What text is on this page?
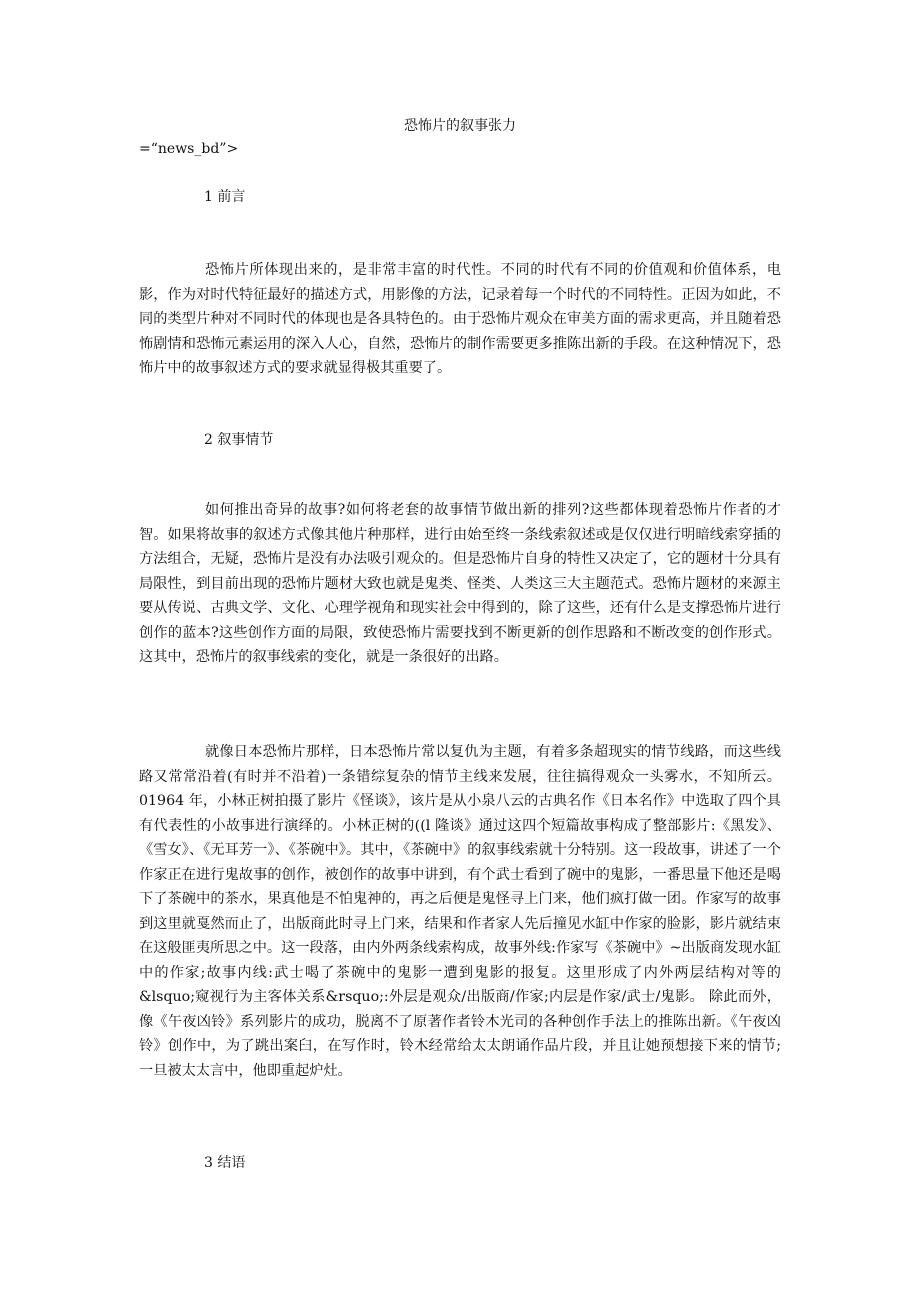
恐怖片的叙事张力
=“news_bd”>
1 前言

恐怖片所体现出来的，是非常丰富的时代性。不同的时代有不同的价值观和价值体系，电影，作为对时代特征最好的描述方式，用影像的方法，记录着每一个时代的不同特性。正因为如此，不同的类型片种对不同时代的体现也是各具特色的。由于恐怖片观众在审美方面的需求更高，并且随着恐怖剧情和恐怖元素运用的深入人心，自然，恐怖片的制作需要更多推陈出新的手段。在这种情况下，恐怖片中的故事叙述方式的要求就显得极其重要了。

2 叙事情节

如何推出奇异的故事?如何将老套的故事情节做出新的排列?这些都体现着恐怖片作者的才智。如果将故事的叙述方式像其他片种那样，进行由始至终一条线索叙述或是仅仅进行明暗线索穿插的方法组合，无疑，恐怖片是没有办法吸引观众的。但是恐怖片自身的特性又决定了，它的题材十分具有局限性，到目前出现的恐怖片题材大致也就是鬼类、怪类、人类这三大主题范式。恐怖片题材的来源主要从传说、古典文学、文化、心理学视角和现实社会中得到的，除了这些，还有什么是支撑恐怖片进行创作的蓝本?这些创作方面的局限，致使恐怖片需要找到不断更新的创作思路和不断改变的创作形式。这其中，恐怖片的叙事线索的变化，就是一条很好的出路。

就像日本恐怖片那样，日本恐怖片常以复仇为主题，有着多条超现实的情节线路，而这些线路又常常沿着(有时并不沿着)一条错综复杂的情节主线来发展，往往搞得观众一头雾水，不知所云。01964 年，小林正树拍摄了影片《怪谈》，该片是从小泉八云的古典名作《日本名作》中选取了四个具有代表性的小故事进行演绎的。小林正树的((l 隆谈》通过这四个短篇故事构成了整部影片:《黑发》、 《雪女》、《无耳芳一》、《茶碗中》。其中，《茶碗中》的叙事线索就十分特别。这一段故事，讲述了一个作家正在进行鬼故事的创作，被创作的故事中讲到，有个武士看到了碗中的鬼影，一番思量下他还是喝下了茶碗中的茶水，果真他是不怕鬼神的，再之后便是鬼怪寻上门来，他们疯打做一团。作家写的故事到这里就戛然而止了，出版商此时寻上门来，结果和作者家人先后撞见水缸中作家的脸影，影片就结束在这般匪夷所思之中。这一段落，由内外两条线索构成，故事外线:作家写《茶碗中》~出版商发现水缸中的作家;故事内线:武士喝了茶碗中的鬼影一遭到鬼影的报复。这里形成了内外两层结构对等的&lsquo;窥视行为主客体关系&rsquo;:外层是观众/出版商/作家;内层是作家/武士/鬼影。 除此而外，像《午夜凶铃》系列影片的成功，脱离不了原著作者铃木光司的各种创作手法上的推陈出新。《午夜凶铃》创作中，为了跳出案臼，在写作时，铃木经常给太太朗诵作品片段，并且让她预想接下来的情节;一旦被太太言中，他即重起炉灶。

3 结语
